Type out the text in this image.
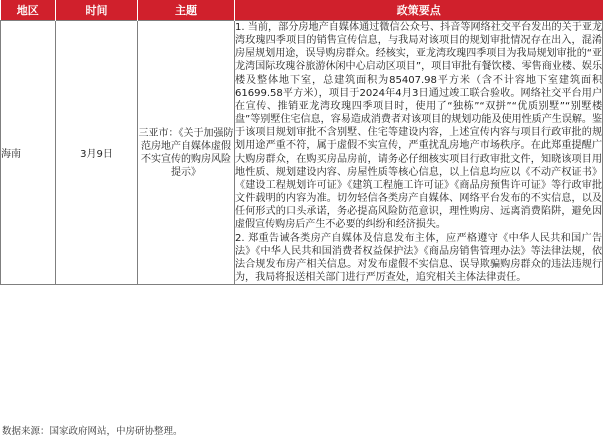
地区	时间	主题	政策要点
海南	3月9日	三亚市：《关于加强防范房地产自媒体虚假不实宣传的购房风险提示》	1. 当前，部分房地产自媒体通过微信公众号、抖音等网络社交平台发出的关于亚龙湾玫瑰四季项目的销售宣传信息，与我局对该项目的规划审批情况存在出入，混淆房屋规划用途，误导购房群众。经核实，亚龙湾玫瑰四季项目为我局规划审批的“亚龙湾国际玫瑰谷旅游休闲中心启动区项目”，项目审批有餐饮楼、零售商业楼、娱乐楼及整体地下室，总建筑面积为85407.98平方米（含不计容地下室建筑面积61699.58平方米），项目于2024年4月3日通过竣工联合验收。网络社交平台用户在宣传、推销亚龙湾玫瑰四季项目时，使用了“独栋”“双拼”“优质别墅”“别墅楼盘”等别墅住宅信息，容易造成消费者对该项目的规划功能及使用性质产生误解。鉴于该项目规划审批不含别墅、住宅等建设内容，上述宣传内容与项目行政审批的规划用途严重不符，属于虚假不实宣传，严重扰乱房地产市场秩序。在此郑重提醒广大购房群众，在购买房品房前，请务必仔细核实项目行政审批文件，知晓该项目用地性质、规划建设内容、房屋性质等核心信息，以上信息均应以《不动产权证书》《建设工程规划许可证》《建筑工程施工许可证》《商品房预售许可证》等行政审批文件载明的内容为准。切勿轻信各类房产自媒体、网络平台发布的不实信息，以及任何形式的口头承诺，务必提高风险防范意识，理性购房、远离消费陷阱，避免因虚假宣传购房后产生不必要的纠纷和经济损失。

2. 郑重告诫各类房产自媒体及信息发布主体，应严格遵守《中华人民共和国广告法》《中华人民共和国消费者权益保护法》《商品房销售管理办法》等法律法规，依法合规发布房产相关信息。对发布虚假不实信息、误导欺骗购房群众的违法违规行为，我局将报送相关部门进行严厉查处，追究相关主体法律责任。

数据来源：国家政府网站，中房研协整理。
